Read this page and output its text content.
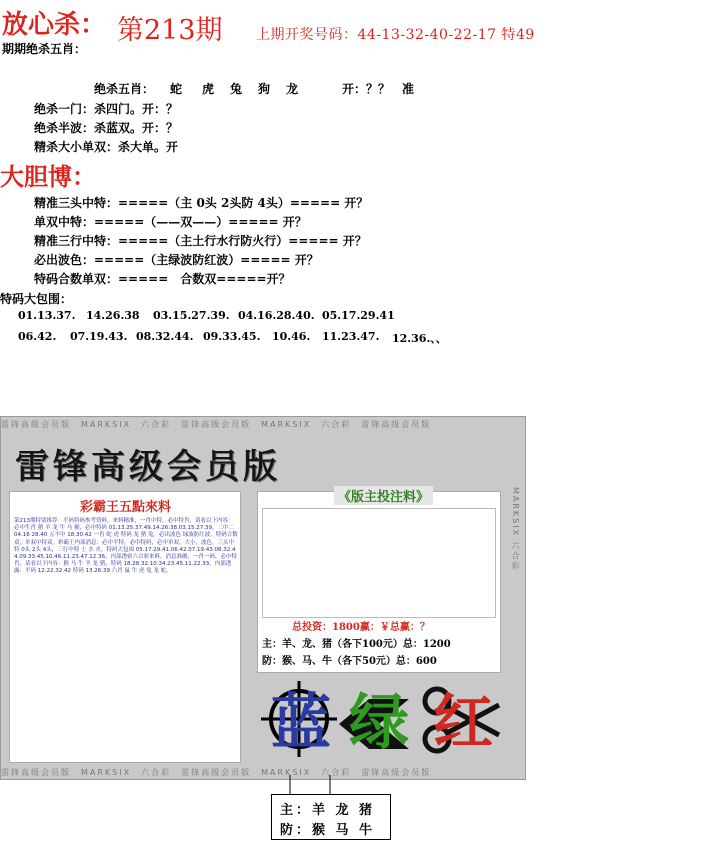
放心杀： 第213期 上期开奖号码：44-13-32-40-22-17 特49
期期绝杀五肖：
绝杀五肖： 蛇 虎 兔 狗 龙	开：？？　准
绝杀一门：杀四门。开：？
绝杀半波：杀蓝双。开：？
精杀大小单双：杀大单。开
大胆博：
精准三头中特：=====（主 0头 2头防 4头）===== 开？
单双中特：=====（——双——）===== 开？
精准三行中特：=====（主土行水行防火行）===== 开？
必出波色：=====（主绿波防红波）===== 开？
特码合数单双：=====　合数双=====开？
特码大包围：
01.13.37. 14.26.38 03.15.27.39. 04.16.28.40. 05.17.29.41
06.42. 07.19.43. 08.32.44. 09.33.45. 10.46. 11.23.47. 12.36.、、
雷锋高级会员版　MARKSIX　六合彩　雷锋高级会员版　MARKSIX　六合彩　雷锋高级会员版
雷锋高级会员版
彩霸王五點來料
第213期特别推荐：平码特码参考资料，来料精准，一肖中特，必中特肖，请看以下内容：必中生肖 猪 羊 龙 牛 马 猴，必中特码 01.13.25.37.49.14.26.38.03.15.27.39，二中二 04.16 28.40 五不中 18.30.42 一肖 蛇 虎 特码 龙 猪 兔。必出波色 绿波防红波，特码合数双，单双中特双。彩霸王内部消息：必中平特，必中特码，必中单双，大小，波色，三头中特 0头 2头 4头，三行中特 土 水 火。特码大包围 05.17.29.41.06.42.07.19.43.08.32.44.09.33.45.10.46.11.23.47.12.36。内部透密六合彩来料，消息准确，一肖一码，必中特肖，请看以下内容：猴 马 牛 羊 龙 猪，特码 18.28.32.10.34.23.45.11.22.33。内部透露：平码 12.22.32.42 特码 13.26.39 六肖 鼠 牛 虎 兔 龙 蛇。
《版主投注料》
总投资：1800赢：￥总赢：？
主：羊、龙、猪（各下100元）总：1200
防：猴、马、牛（各下50元）总：600
MARKSIX 六合彩
蓝 绿 红
雷锋高级会员版　MARKSIX　六合彩　雷锋高级会员版　MARKSIX　六合彩　雷锋高级会员版
主：羊 龙 猪
防：猴 马 牛
